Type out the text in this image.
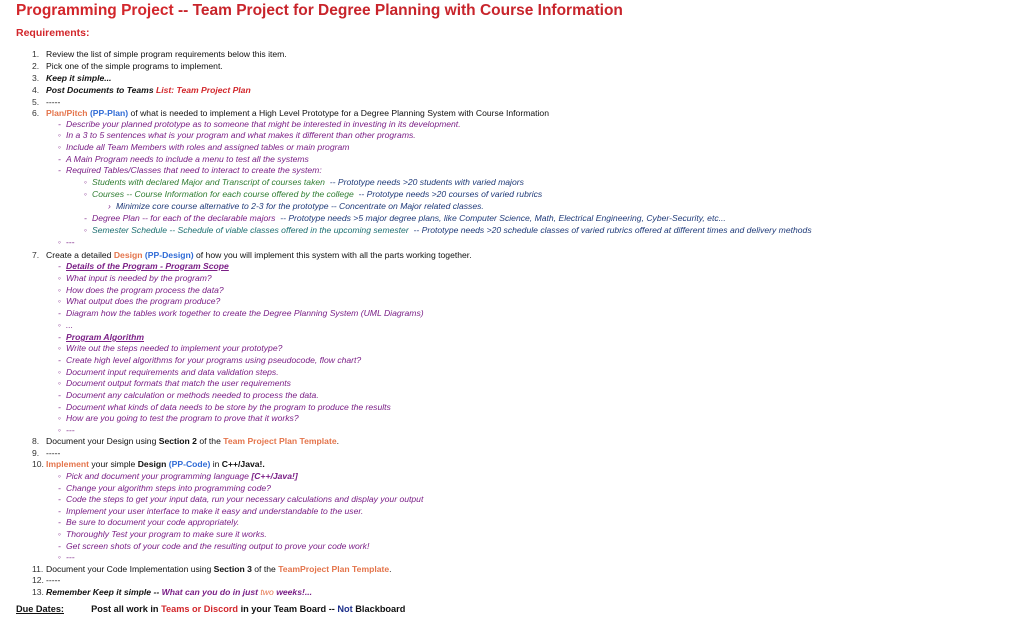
Programming Project -- Team Project for Degree Planning with Course Information
Requirements:
1. Review the list of simple program requirements below this item.
2. Pick one of the simple programs to implement.
3. Keep it simple...
4. Post Documents to Teams List: Team Project Plan
5. -----
6. Plan/Pitch (PP-Plan) of what is needed to implement a High Level Prototype for a Degree Planning System with Course Information
- Describe your planned prototype as to someone that might be interested in investing in its development.
◦ In a 3 to 5 sentences what is your program and what makes it different than other programs.
◦ Include all Team Members with roles and assigned tables or main program
- A Main Program needs to include a menu to test all the systems
- Required Tables/Classes that need to interact to create the system:
◦ Students with declared Major and Transcript of courses taken -- Prototype needs >20 students with varied majors
◦ Courses -- Course Information for each course offered by the college -- Prototype needs >20 courses of varied rubrics
› Minimize core course alternative to 2-3 for the prototype -- Concentrate on Major related classes.
- Degree Plan -- for each of the declarable majors -- Prototype needs >5 major degree plans, like Computer Science, Math, Electrical Engineering, Cyber-Security, etc...
◦ Semester Schedule -- Schedule of viable classes offered in the upcoming semester -- Prototype needs >20 schedule classes of varied rubrics offered at different times and delivery methods
◦ ---
7. Create a detailed Design (PP-Design) of how you will implement this system with all the parts working together.
- Details of the Program - Program Scope
◦ What input is needed by the program?
◦ How does the program process the data?
◦ What output does the program produce?
- Diagram how the tables work together to create the Degree Planning System (UML Diagrams)
◦ ...
- Program Algorithm
◦ Write out the steps needed to implement your prototype?
- Create high level algorithms for your programs using pseudocode, flow chart?
◦ Document input requirements and data validation steps.
◦ Document output formats that match the user requirements
- Document any calculation or methods needed to process the data.
- Document what kinds of data needs to be store by the program to produce the results
◦ How are you going to test the program to prove that it works?
◦ ---
8. Document your Design using Section 2 of the Team Project Plan Template.
9. -----
10. Implement your simple Design (PP-Code) in C++/Java!.
◦ Pick and document your programming language [C++/Java!]
- Change your algorithm steps into programming code?
- Code the steps to get your input data, run your necessary calculations and display your output
- Implement your user interface to make it easy and understandable to the user.
- Be sure to document your code appropriately.
◦ Thoroughly Test your program to make sure it works.
- Get screen shots of your code and the resulting output to prove your code work!
◦ ---
11. Document your Code Implementation using Section 3 of the TeamProject Plan Template.
12. -----
13. Remember Keep it simple -- What can you do in just two weeks!...
Due Dates:	Post all work in Teams or Discord in your Team Board -- Not Blackboard
